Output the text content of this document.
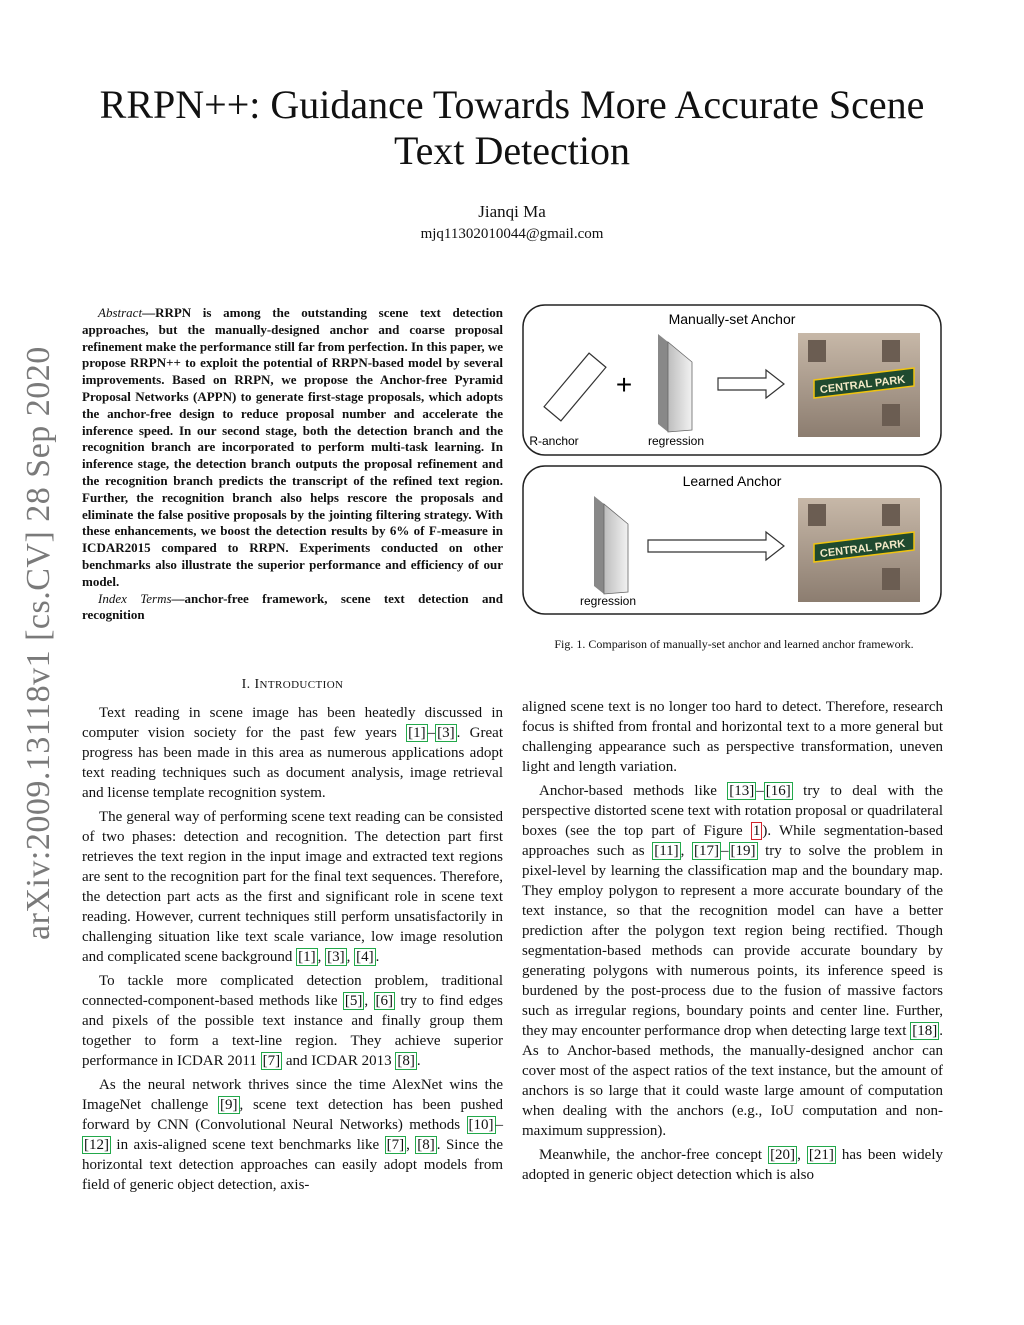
arXiv:2009.13118v1 [cs.CV] 28 Sep 2020
RRPN++: Guidance Towards More Accurate Scene
Text Detection
Jianqi Ma
mjq11302010044@gmail.com

Abstract—RRPN is among the outstanding scene text detection approaches, but the manually-designed anchor and coarse proposal refinement make the performance still far from perfection. In this paper, we propose RRPN++ to exploit the potential of RRPN-based model by several improvements. Based on RRPN, we propose the Anchor-free Pyramid Proposal Networks (APPN) to generate first-stage proposals, which adopts the anchor-free design to reduce proposal number and accelerate the inference speed. In our second stage, both the detection branch and the recognition branch are incorporated to perform multi-task learning. In inference stage, the detection branch outputs the proposal refinement and the recognition branch predicts the transcript of the refined text region. Further, the recognition branch also helps rescore the proposals and eliminate the false positive proposals by the jointing filtering strategy. With these enhancements, we boost the detection results by 6% of F-measure in ICDAR2015 compared to RRPN. Experiments conducted on other benchmarks also illustrate the superior performance and efficiency of our model.

Index Terms—anchor-free framework, scene text detection and recognition

I. INTRODUCTION

Text reading in scene image has been heatedly discussed in computer vision society for the past few years [1] – [3] . Great progress has been made in this area as numerous applications adopt text reading techniques such as document analysis, image retrieval and license template recognition system.

The general way of performing scene text reading can be consisted of two phases: detection and recognition. The detection part first retrieves the text region in the input image and extracted text regions are sent to the recognition part for the final text sequences. Therefore, the detection part acts as the first and significant role in scene text reading. However, current techniques still perform unsatisfactorily in challenging situation like text scale variance, low image resolution and complicated scene background [1] , [3] , [4] .

To tackle more complicated detection problem, traditional connected-component-based methods like [5] , [6] try to find edges and pixels of the possible text instance and finally group them together to form a text-line region. They achieve superior performance in ICDAR 2011 [7] and ICDAR 2013 [8] .

As the neural network thrives since the time AlexNet wins the ImageNet challenge [9] , scene text detection has been pushed forward by CNN (Convolutional Neural Networks) methods [10] –[12] in axis-aligned scene text benchmarks like [7] , [8] . Since the horizontal text detection approaches can easily adopt models from field of generic object detection, axis-

Manually-set Anchor
+
R-anchor	regression
CENTRAL PARK
Learned Anchor
regression
CENTRAL PARK
Fig. 1. Comparison of manually-set anchor and learned anchor framework.

aligned scene text is no longer too hard to detect. Therefore, research focus is shifted from frontal and horizontal text to a more general but challenging appearance such as perspective transformation, uneven light and length variation.

Anchor-based methods like [13] – [16] try to deal with the perspective distorted scene text with rotation proposal or quadrilateral boxes (see the top part of Figure 1 ). While segmentation-based approaches such as [11] , [17] – [19] try to solve the problem in pixel-level by learning the classification map and the boundary map. They employ polygon to represent a more accurate boundary of the text instance, so that the recognition model can have a better prediction after the polygon text region being rectified. Though segmentation-based methods can provide accurate boundary by generating polygons with numerous points, its inference speed is burdened by the post-process due to the fusion of massive factors such as irregular regions, boundary points and center line. Further, they may encounter performance drop when detecting large text [18] . As to Anchor-based methods, the manually-designed anchor can cover most of the aspect ratios of the text instance, but the amount of anchors is so large that it could waste large amount of computation when dealing with the anchors (e.g., IoU computation and non-maximum suppression).

Meanwhile, the anchor-free concept [20] , [21] has been widely adopted in generic object detection which is also
